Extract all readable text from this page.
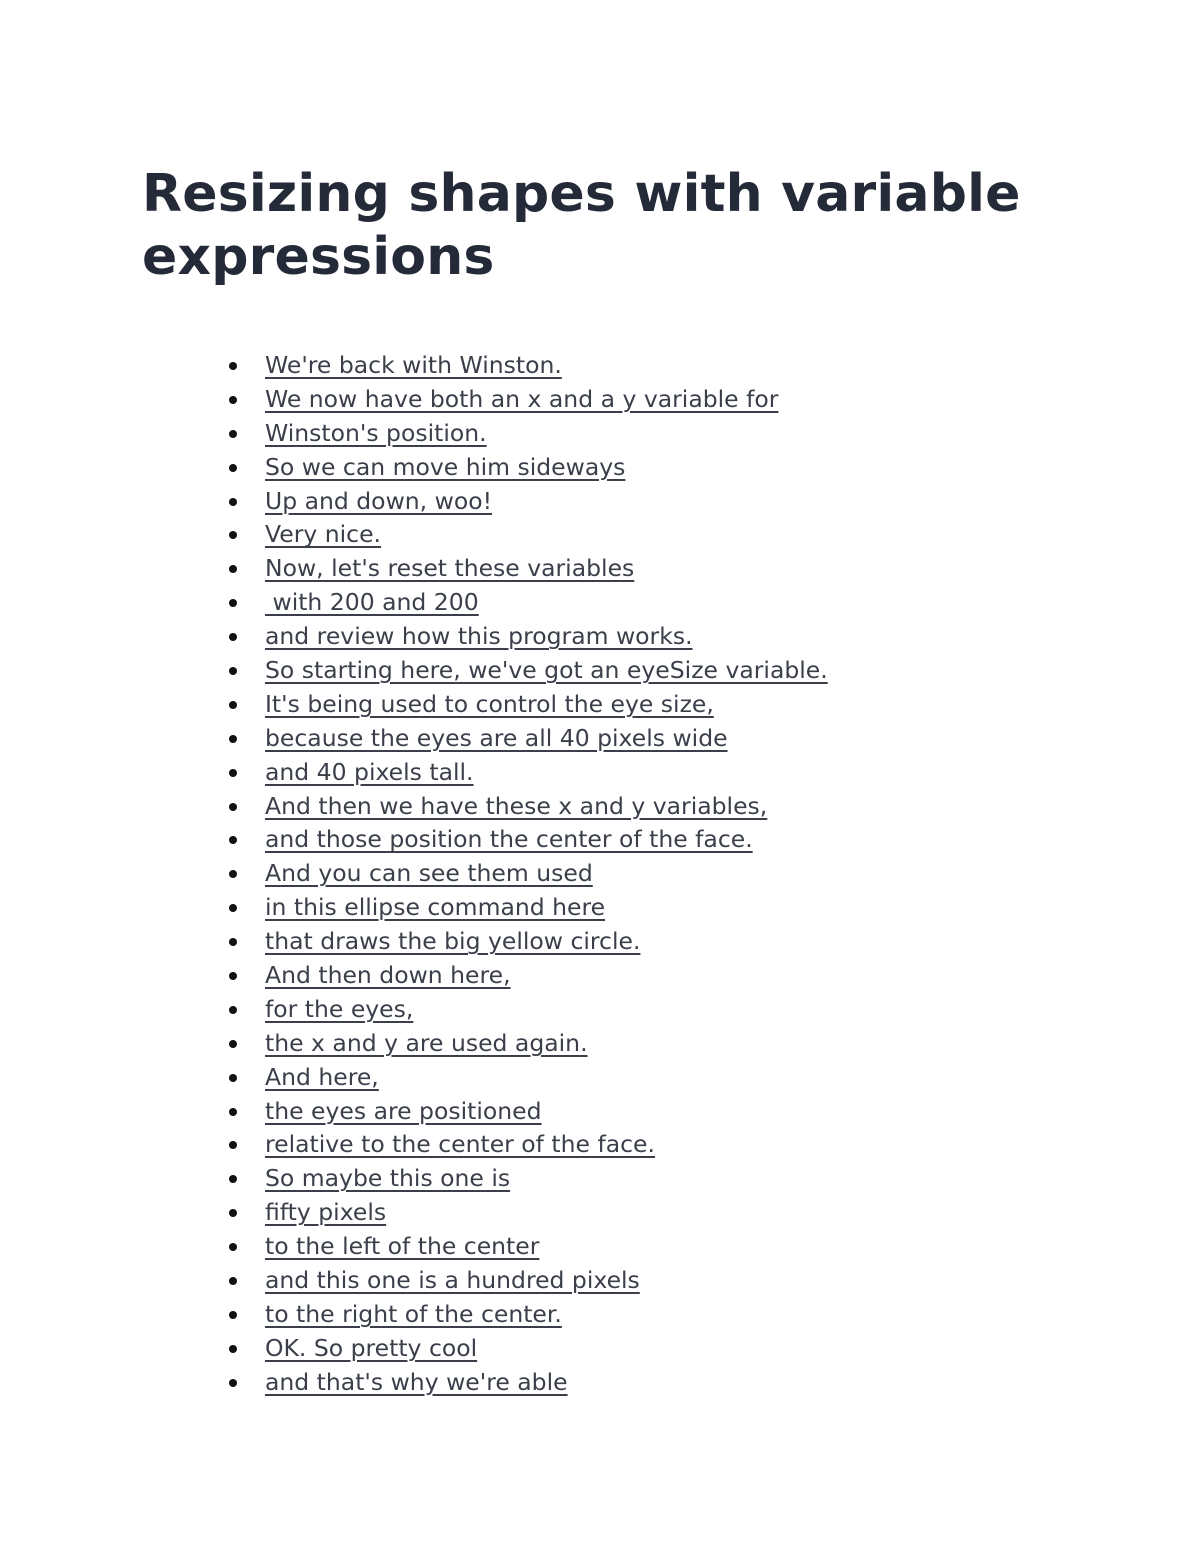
Resizing shapes with variable expressions
We're back with Winston.
We now have both an x and a y variable for
Winston's position.
So we can move him sideways
Up and down, woo!
Very nice.
Now, let's reset these variables
with 200 and 200
and review how this program works.
So starting here, we've got an eyeSize variable.
It's being used to control the eye size,
because the eyes are all 40 pixels wide
and 40 pixels tall.
And then we have these x and y variables,
and those position the center of the face.
And you can see them used
in this ellipse command here
that draws the big yellow circle.
And then down here,
for the eyes,
the x and y are used again.
And here,
the eyes are positioned
relative to the center of the face.
So maybe this one is
fifty pixels
to the left of the center
and this one is a hundred pixels
to the right of the center.
OK. So pretty cool
and that's why we're able
